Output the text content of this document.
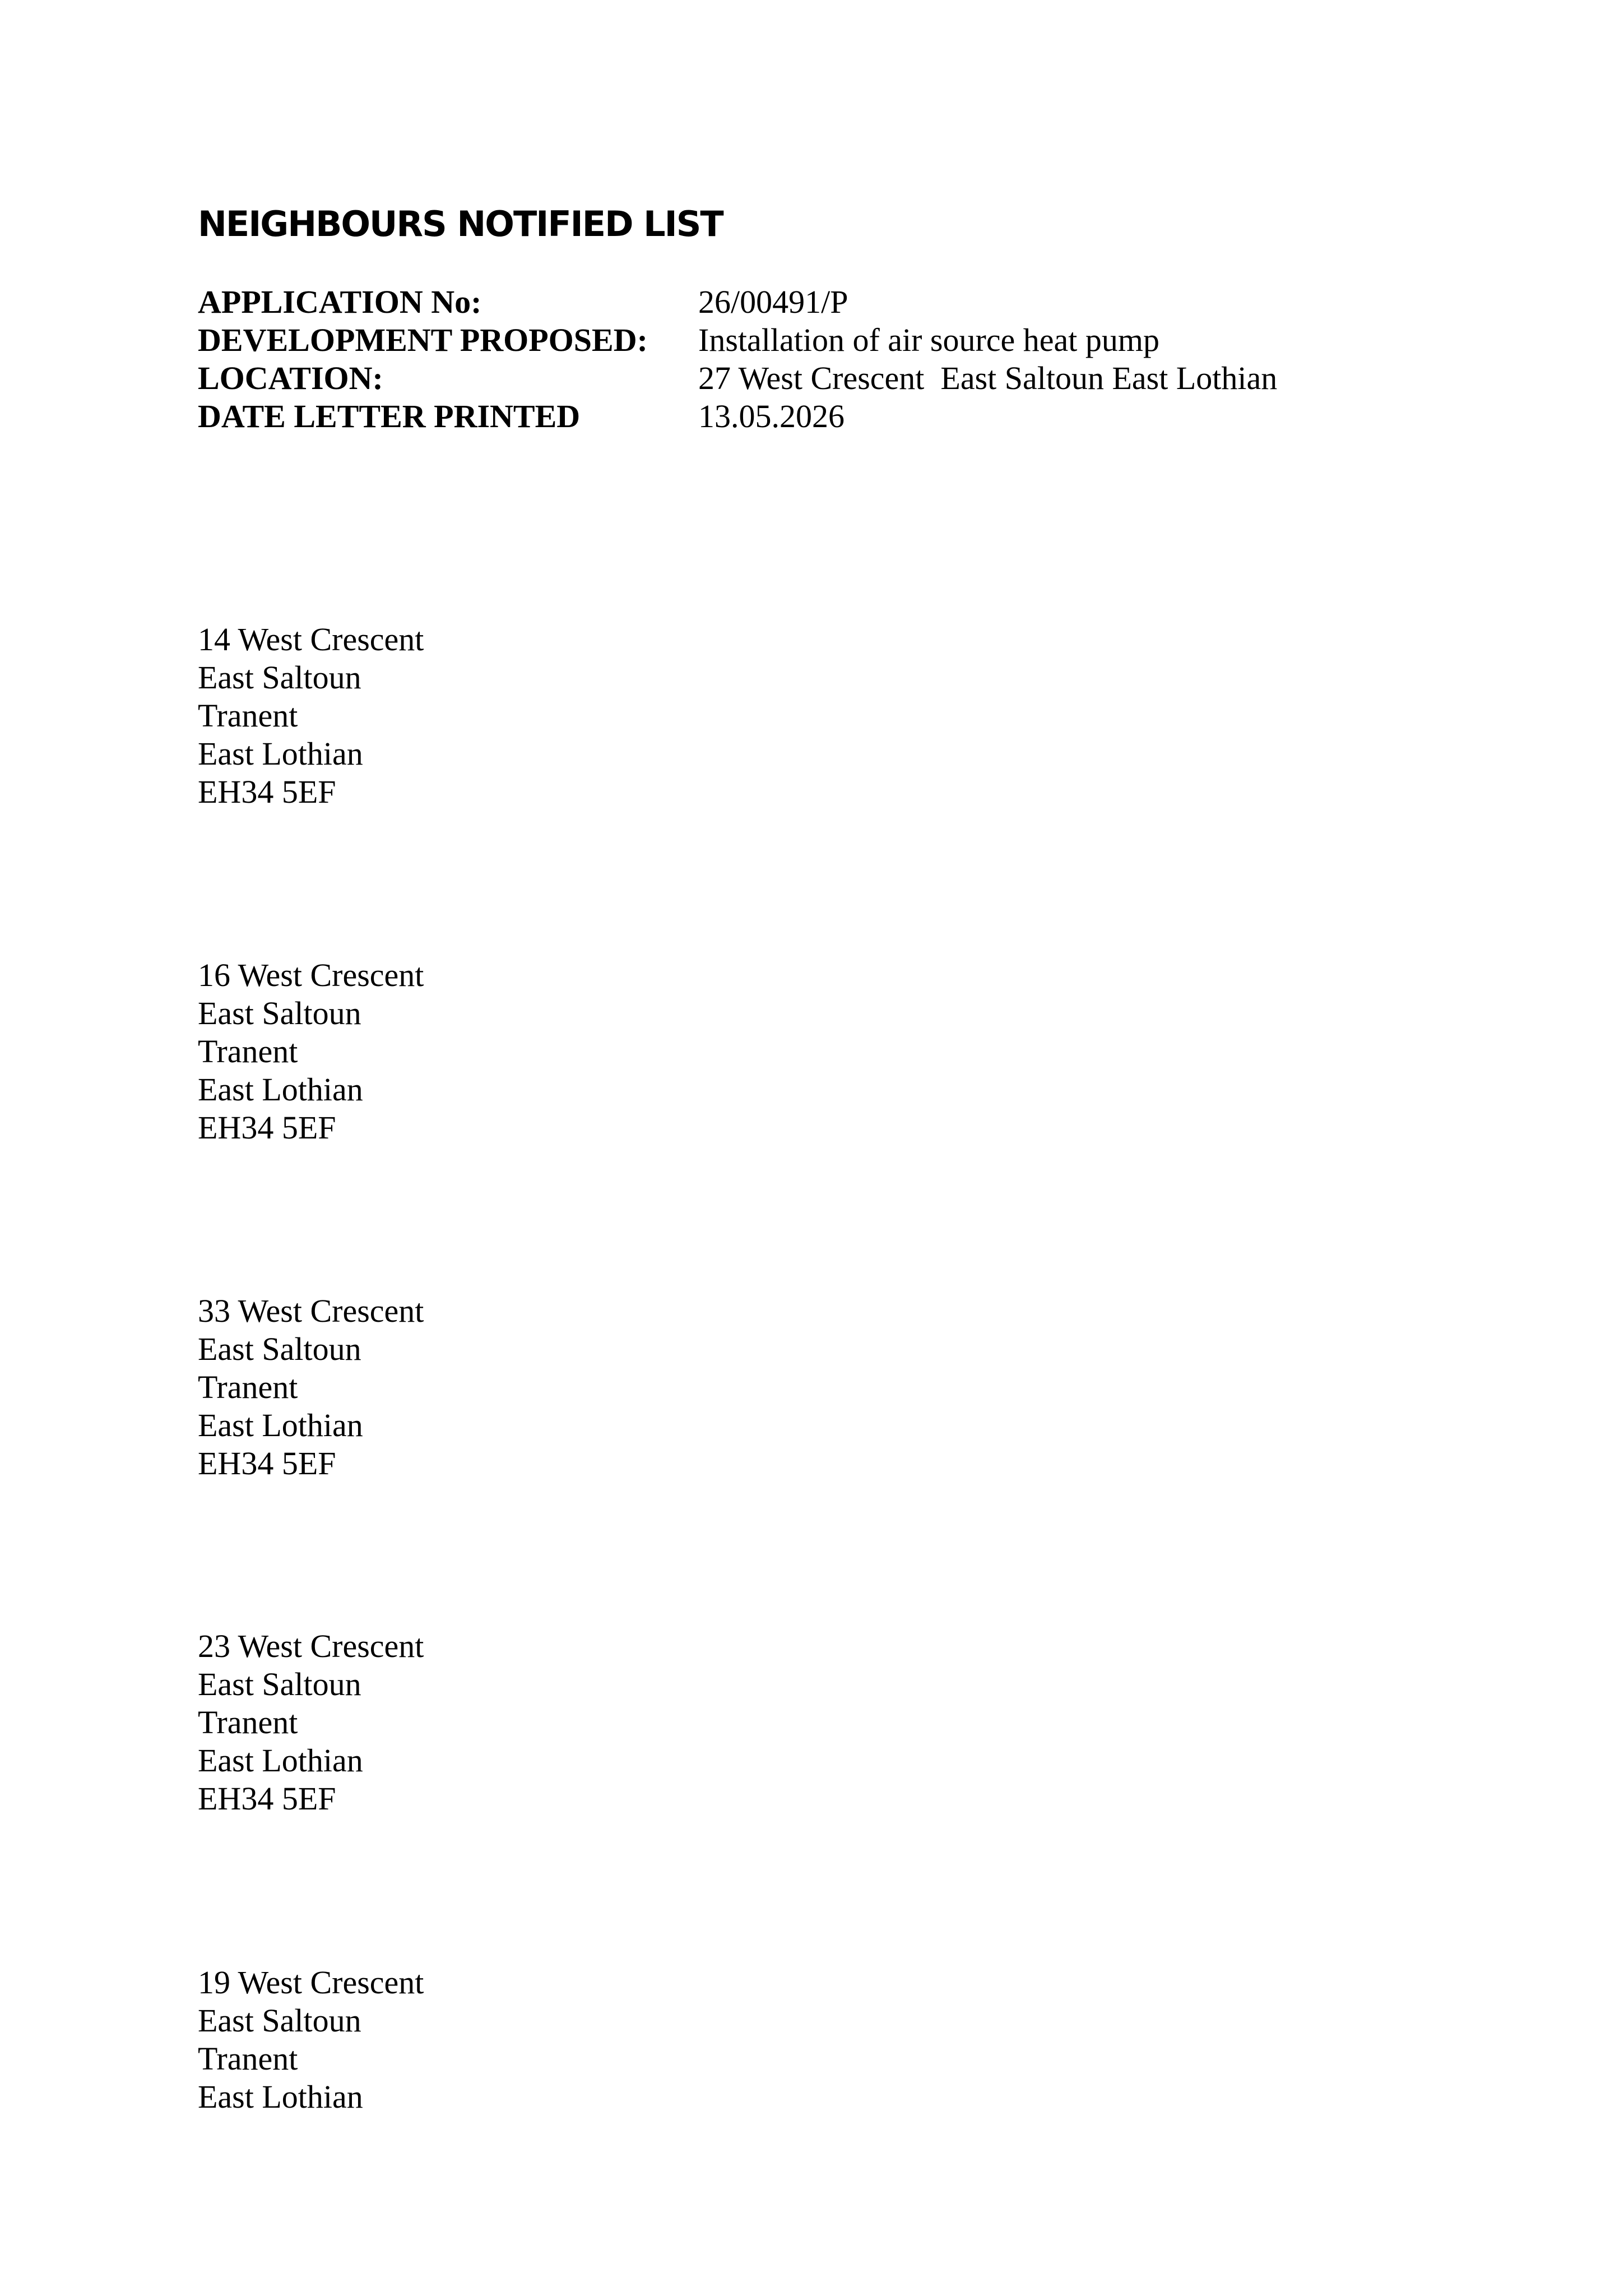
NEIGHBOURS NOTIFIED LIST
APPLICATION No:	26/00491/P
DEVELOPMENT PROPOSED: Installation of air source heat pump
LOCATION:	27 West Crescent  East Saltoun East Lothian
DATE LETTER PRINTED	13.05.2026
14 West Crescent
East Saltoun
Tranent
East Lothian
EH34 5EF
16 West Crescent
East Saltoun
Tranent
East Lothian
EH34 5EF
33 West Crescent
East Saltoun
Tranent
East Lothian
EH34 5EF
23 West Crescent
East Saltoun
Tranent
East Lothian
EH34 5EF
19 West Crescent
East Saltoun
Tranent
East Lothian
